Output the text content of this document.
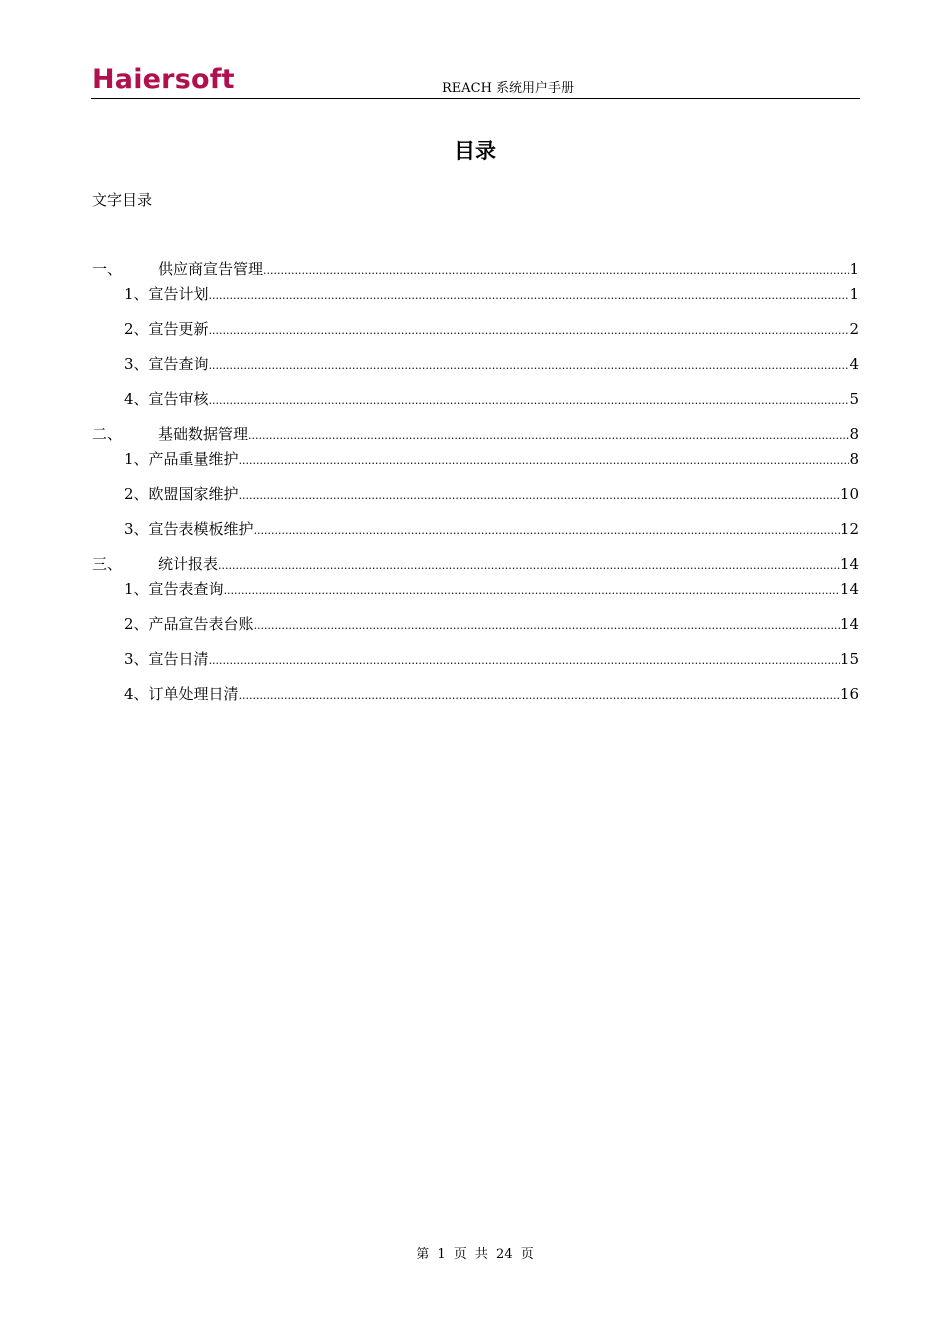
Haiersoft	REACH 系统用户手册
目录
文字目录
一、	供应商宣告管理 .....	1
1、 宣告计划 .....	1
2、 宣告更新 .....	2
3、 宣告查询 .....	4
4、 宣告审核 .....	5
二、	基础数据管理 .....	8
1、 产品重量维护 .....	8
2、 欧盟国家维护 .....	10
3、 宣告表模板维护 .....	12
三、	统计报表 .....	14
1、 宣告表查询 .....	14
2、 产品宣告表台账 .....	14
3、 宣告日清 .....	15
4、 订单处理日清 .....	16
第 1 页 共 24 页
